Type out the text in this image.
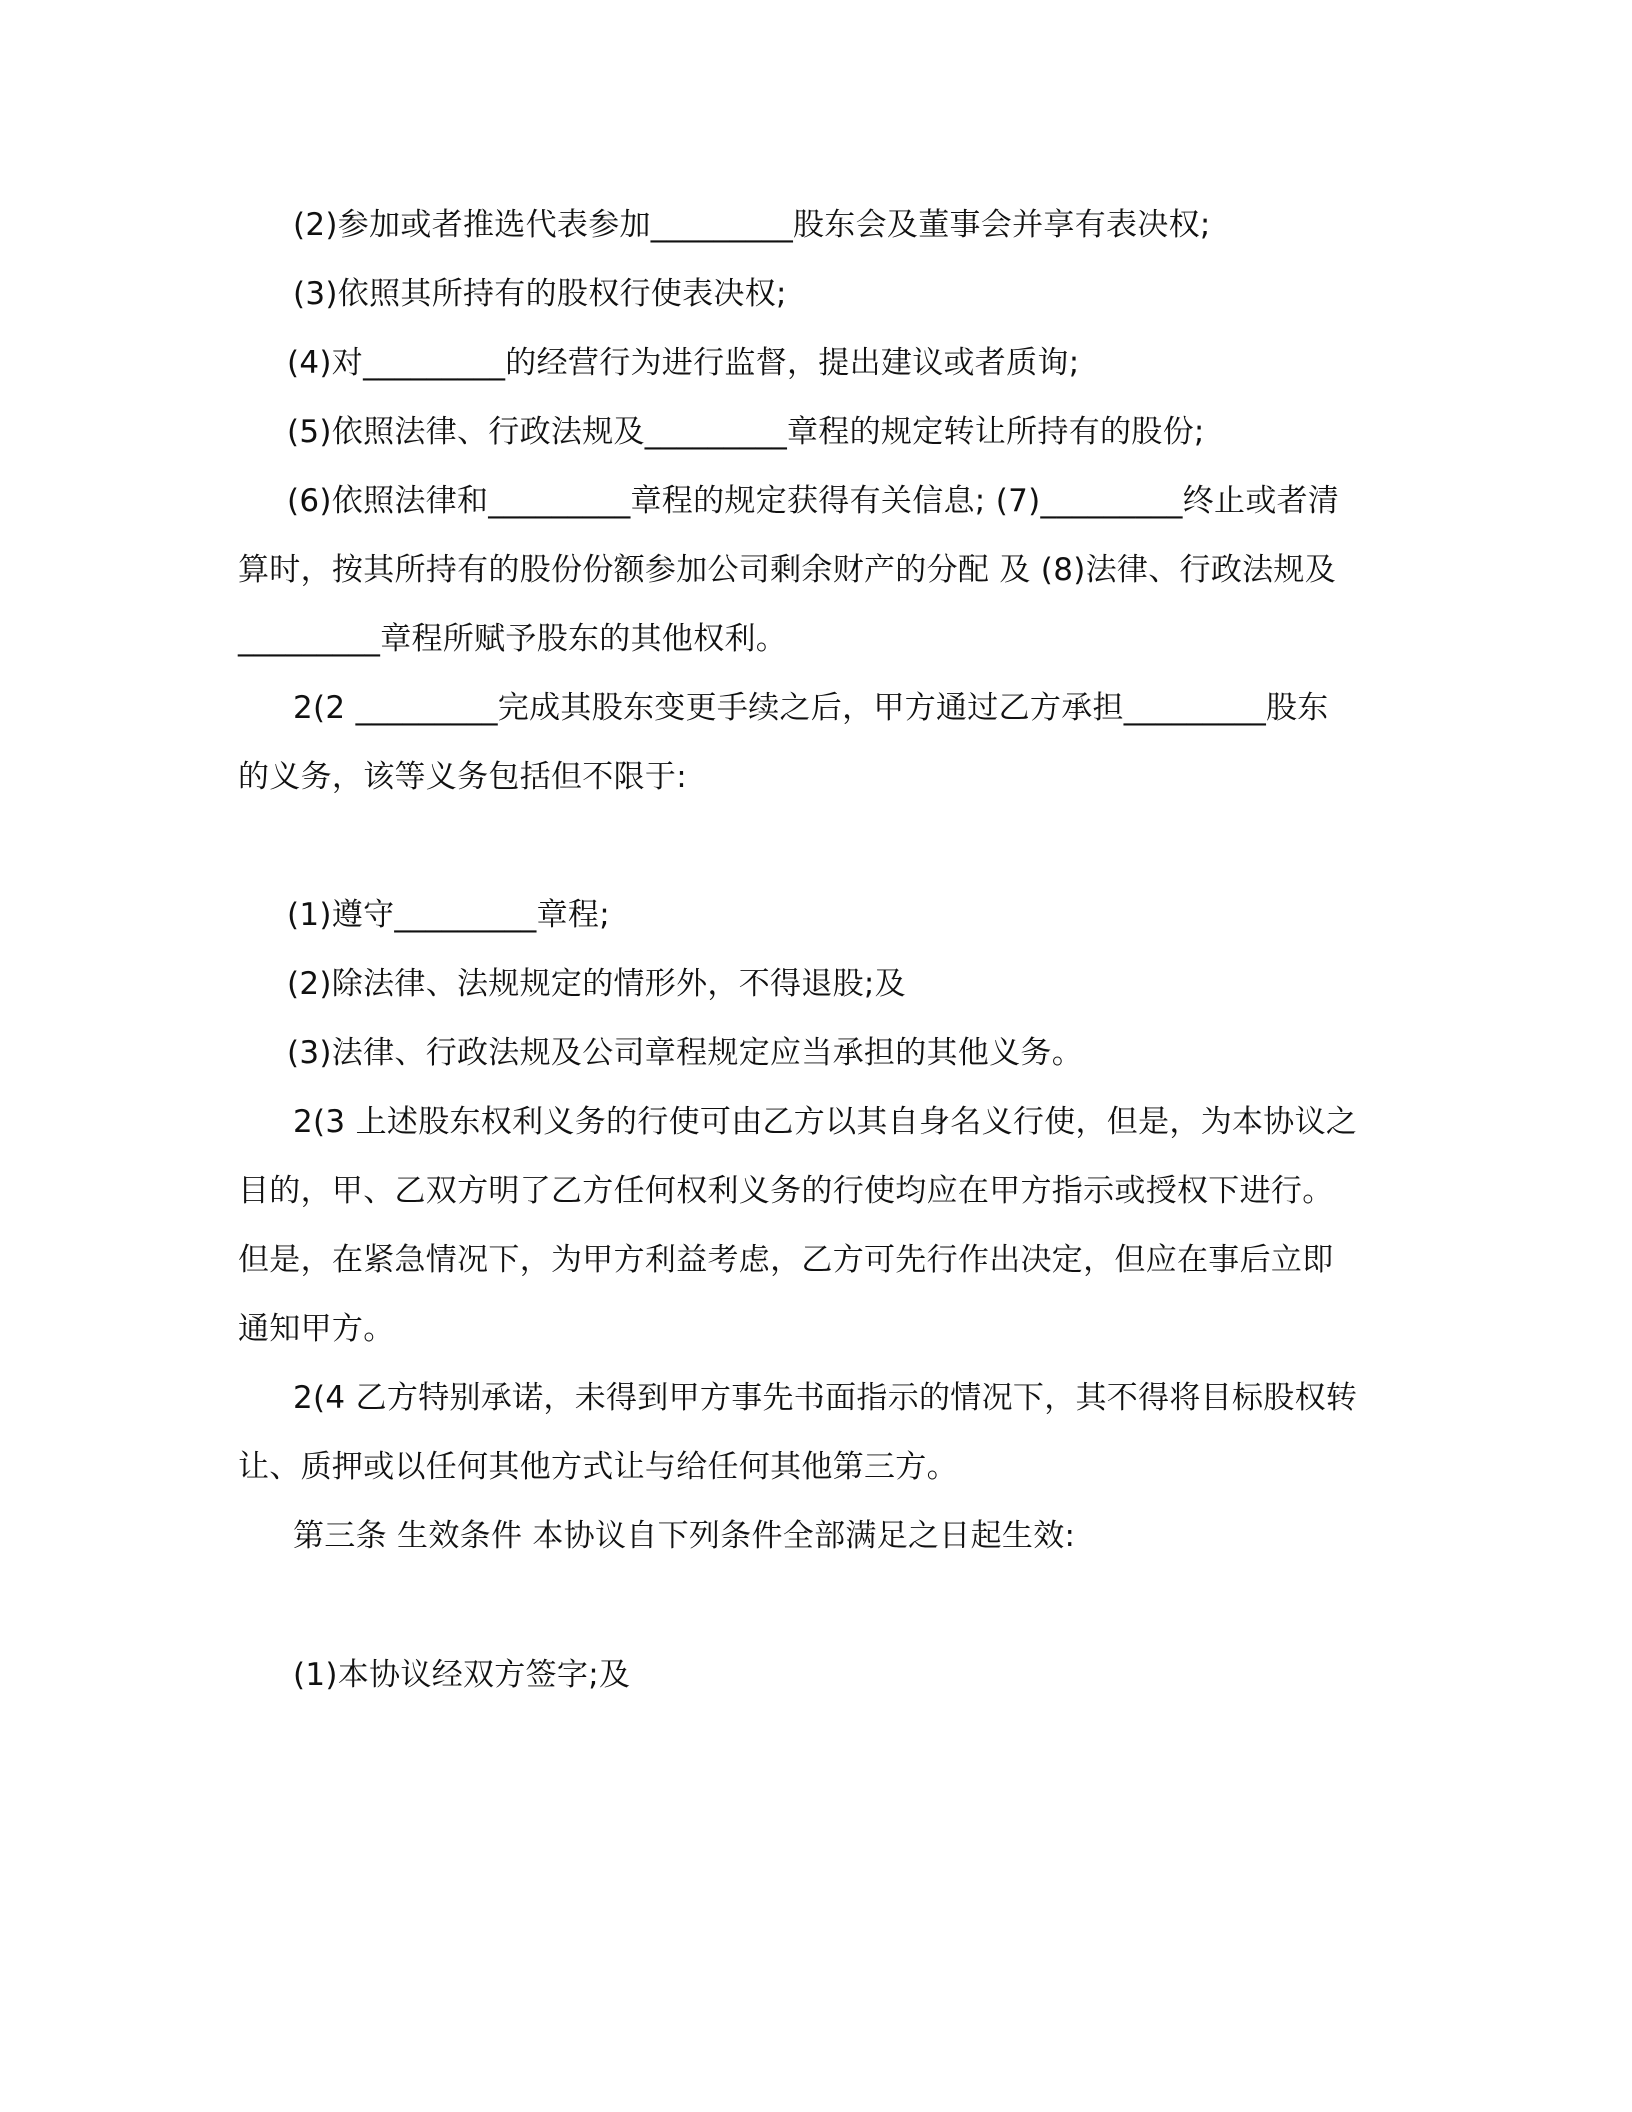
(2)参加或者推选代表参加_________股东会及董事会并享有表决权;
(3)依照其所持有的股权行使表决权;
(4)对_________的经营行为进行监督，提出建议或者质询;
(5)依照法律、行政法规及_________章程的规定转让所持有的股份;
(6)依照法律和_________章程的规定获得有关信息; (7)_________终止或者清
算时，按其所持有的股份份额参加公司剩余财产的分配 及 (8)法律、行政法规及
_________章程所赋予股东的其他权利。
2(2 _________完成其股东变更手续之后，甲方通过乙方承担_________股东
的义务，该等义务包括但不限于:
(1)遵守_________章程;
(2)除法律、法规规定的情形外，不得退股;及
(3)法律、行政法规及公司章程规定应当承担的其他义务。
2(3 上述股东权利义务的行使可由乙方以其自身名义行使，但是，为本协议之
目的，甲、乙双方明了乙方任何权利义务的行使均应在甲方指示或授权下进行。
但是，在紧急情况下，为甲方利益考虑，乙方可先行作出决定，但应在事后立即
通知甲方。
2(4 乙方特别承诺，未得到甲方事先书面指示的情况下，其不得将目标股权转
让、质押或以任何其他方式让与给任何其他第三方。
第三条 生效条件 本协议自下列条件全部满足之日起生效:
(1)本协议经双方签字;及
